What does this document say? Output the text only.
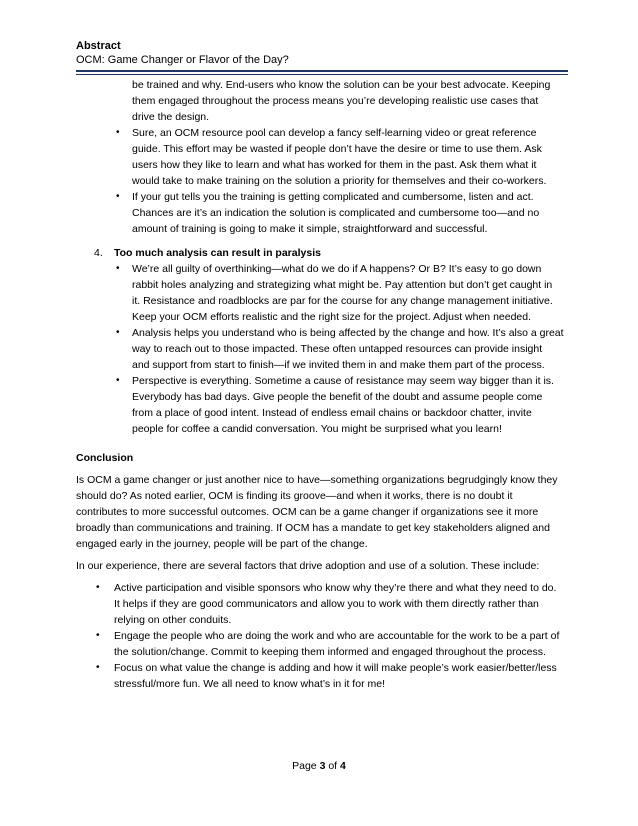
Abstract
OCM: Game Changer or Flavor of the Day?
be trained and why. End-users who know the solution can be your best advocate. Keeping
them engaged throughout the process means you’re developing realistic use cases that
drive the design.
• Sure, an OCM resource pool can develop a fancy self-learning video or great reference
guide. This effort may be wasted if people don’t have the desire or time to use them. Ask
users how they like to learn and what has worked for them in the past. Ask them what it
would take to make training on the solution a priority for themselves and their co-workers.
• If your gut tells you the training is getting complicated and cumbersome, listen and act.
Chances are it’s an indication the solution is complicated and cumbersome too—and no
amount of training is going to make it simple, straightforward and successful.
4. Too much analysis can result in paralysis
• We’re all guilty of overthinking—what do we do if A happens? Or B? It’s easy to go down
rabbit holes analyzing and strategizing what might be. Pay attention but don’t get caught in
it. Resistance and roadblocks are par for the course for any change management initiative.
Keep your OCM efforts realistic and the right size for the project. Adjust when needed.
• Analysis helps you understand who is being affected by the change and how. It’s also a great
way to reach out to those impacted. These often untapped resources can provide insight
and support from start to finish—if we invited them in and make them part of the process.
• Perspective is everything. Sometime a cause of resistance may seem way bigger than it is.
Everybody has bad days. Give people the benefit of the doubt and assume people come
from a place of good intent. Instead of endless email chains or backdoor chatter, invite
people for coffee a candid conversation. You might be surprised what you learn!
Conclusion
Is OCM a game changer or just another nice to have—something organizations begrudgingly know they
should do? As noted earlier, OCM is finding its groove—and when it works, there is no doubt it
contributes to more successful outcomes. OCM can be a game changer if organizations see it more
broadly than communications and training. If OCM has a mandate to get key stakeholders aligned and
engaged early in the journey, people will be part of the change.
In our experience, there are several factors that drive adoption and use of a solution. These include:
• Active participation and visible sponsors who know why they’re there and what they need to do.
It helps if they are good communicators and allow you to work with them directly rather than
relying on other conduits.
• Engage the people who are doing the work and who are accountable for the work to be a part of
the solution/change. Commit to keeping them informed and engaged throughout the process.
• Focus on what value the change is adding and how it will make people’s work easier/better/less
stressful/more fun. We all need to know what’s in it for me!
Page 3 of 4
